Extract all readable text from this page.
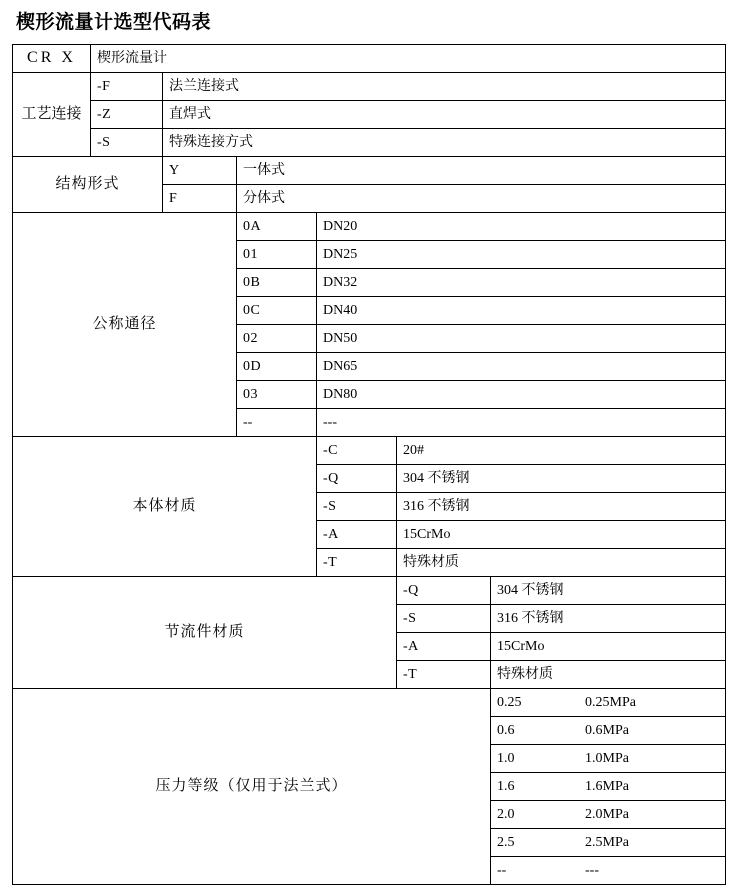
楔形流量计选型代码表
CR X	楔形流量计					
工艺连接	-F	法兰连接式				
	-Z	直焊式				
	-S	特殊连接方式				
结构形式		Y	一体式			
		F	分体式			
公称通径			0A	DN20		
			01	DN25		
			0B	DN32		
			0C	DN40		
			02	DN50		
			0D	DN65		
			03	DN80		
			--	---		
本体材质				-C	20#	
				-Q	304 不锈钢	
				-S	316 不锈钢	
				-A	15CrMo	
				-T	特殊材质	
节流件材质					-Q	304 不锈钢
					-S	316 不锈钢
					-A	15CrMo
					-T	特殊材质
压力等级（仅用于法兰式）						0.25 0.25MPa
						0.6 0.6MPa
						1.0 1.0MPa
						1.6 1.6MPa
						2.0 2.0MPa
						2.5 2.5MPa
						-- ---
